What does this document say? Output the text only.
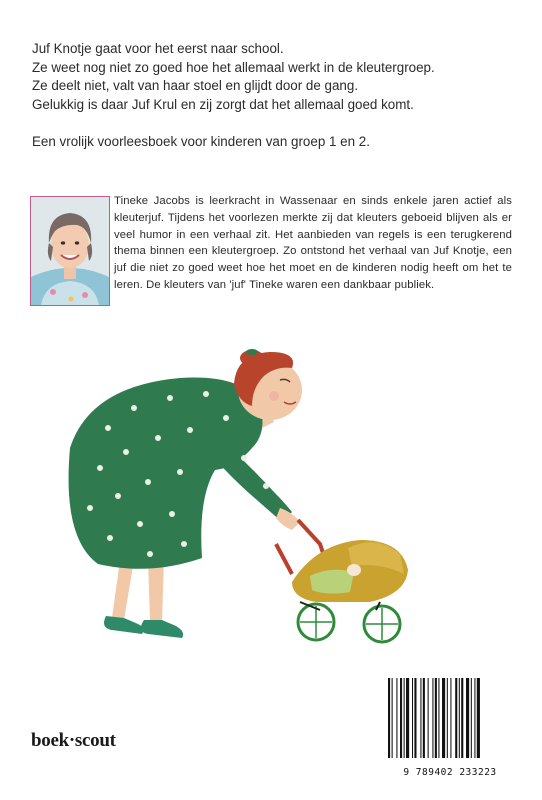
Juf Knotje gaat voor het eerst naar school.

Ze weet nog niet zo goed hoe het allemaal werkt in de kleutergroep.

Ze deelt niet, valt van haar stoel en glijdt door de gang.

Gelukkig is daar Juf Krul en zij zorgt dat het allemaal goed komt.

Een vrolijk voorleesboek voor kinderen van groep 1 en 2.
Tineke Jacobs is leerkracht in Wassenaar en sinds enkele jaren actief als kleuterjuf. Tijdens het voorlezen merkte zij dat kleuters geboeid blijven als er veel humor in een verhaal zit. Het aanbieden van regels is een terugkerend thema binnen een kleutergroep. Zo ontstond het verhaal van Juf Knotje, een juf die niet zo goed weet hoe het moet en de kinderen nodig heeft om het te leren. De kleuters van 'juf' Tineke waren een dankbaar publiek.
9 789402 233223
boek·scout
